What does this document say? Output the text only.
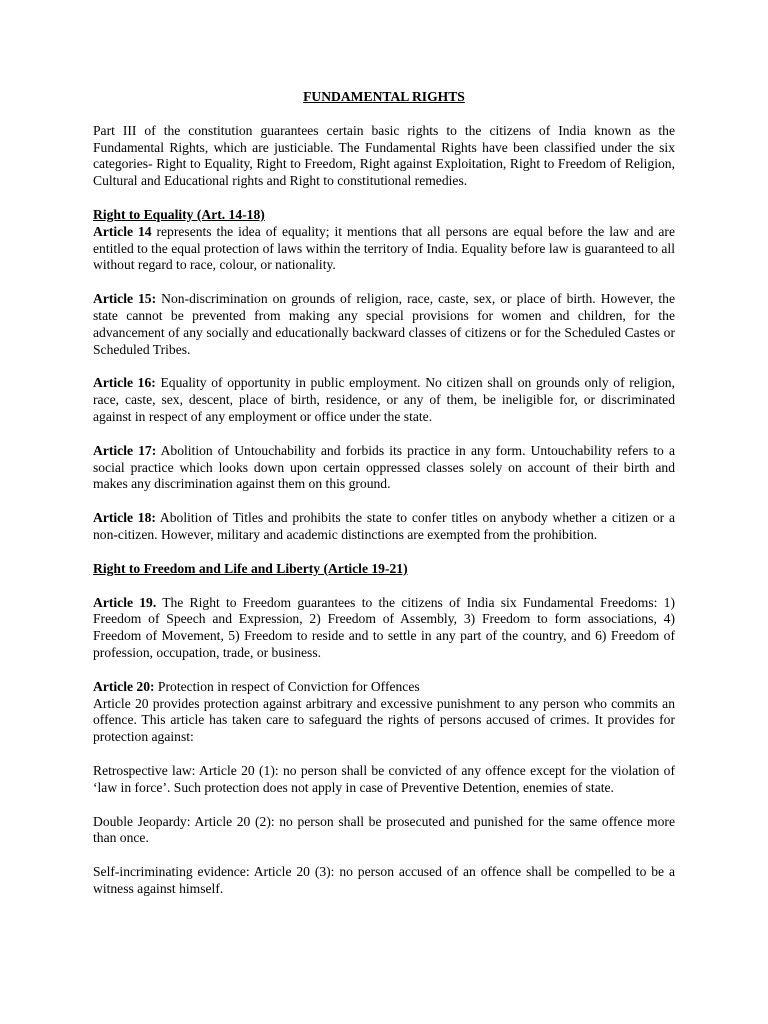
FUNDAMENTAL RIGHTS

Part III of the constitution guarantees certain basic rights to the citizens of India known as the Fundamental Rights, which are justiciable. The Fundamental Rights have been classified under the six categories- Right to Equality, Right to Freedom, Right against Exploitation, Right to Freedom of Religion, Cultural and Educational rights and Right to constitutional remedies.

Right to Equality (Art. 14-18)

Article 14 represents the idea of equality; it mentions that all persons are equal before the law and are entitled to the equal protection of laws within the territory of India. Equality before law is guaranteed to all without regard to race, colour, or nationality.

Article 15: Non-discrimination on grounds of religion, race, caste, sex, or place of birth. However, the state cannot be prevented from making any special provisions for women and children, for the advancement of any socially and educationally backward classes of citizens or for the Scheduled Castes or Scheduled Tribes.

Article 16: Equality of opportunity in public employment. No citizen shall on grounds only of religion, race, caste, sex, descent, place of birth, residence, or any of them, be ineligible for, or discriminated against in respect of any employment or office under the state.

Article 17: Abolition of Untouchability and forbids its practice in any form. Untouchability refers to a social practice which looks down upon certain oppressed classes solely on account of their birth and makes any discrimination against them on this ground.

Article 18: Abolition of Titles and prohibits the state to confer titles on anybody whether a citizen or a non-citizen. However, military and academic distinctions are exempted from the prohibition.

Right to Freedom and Life and Liberty (Article 19-21)

Article 19. The Right to Freedom guarantees to the citizens of India six Fundamental Freedoms: 1) Freedom of Speech and Expression, 2) Freedom of Assembly, 3) Freedom to form associations, 4) Freedom of Movement, 5) Freedom to reside and to settle in any part of the country, and 6) Freedom of profession, occupation, trade, or business.

Article 20: Protection in respect of Conviction for Offences

Article 20 provides protection against arbitrary and excessive punishment to any person who commits an offence. This article has taken care to safeguard the rights of persons accused of crimes. It provides for protection against:

Retrospective law: Article 20 (1): no person shall be convicted of any offence except for the violation of ‘law in force’. Such protection does not apply in case of Preventive Detention, enemies of state.

Double Jeopardy: Article 20 (2): no person shall be prosecuted and punished for the same offence more than once.

Self-incriminating evidence: Article 20 (3): no person accused of an offence shall be compelled to be a witness against himself.
